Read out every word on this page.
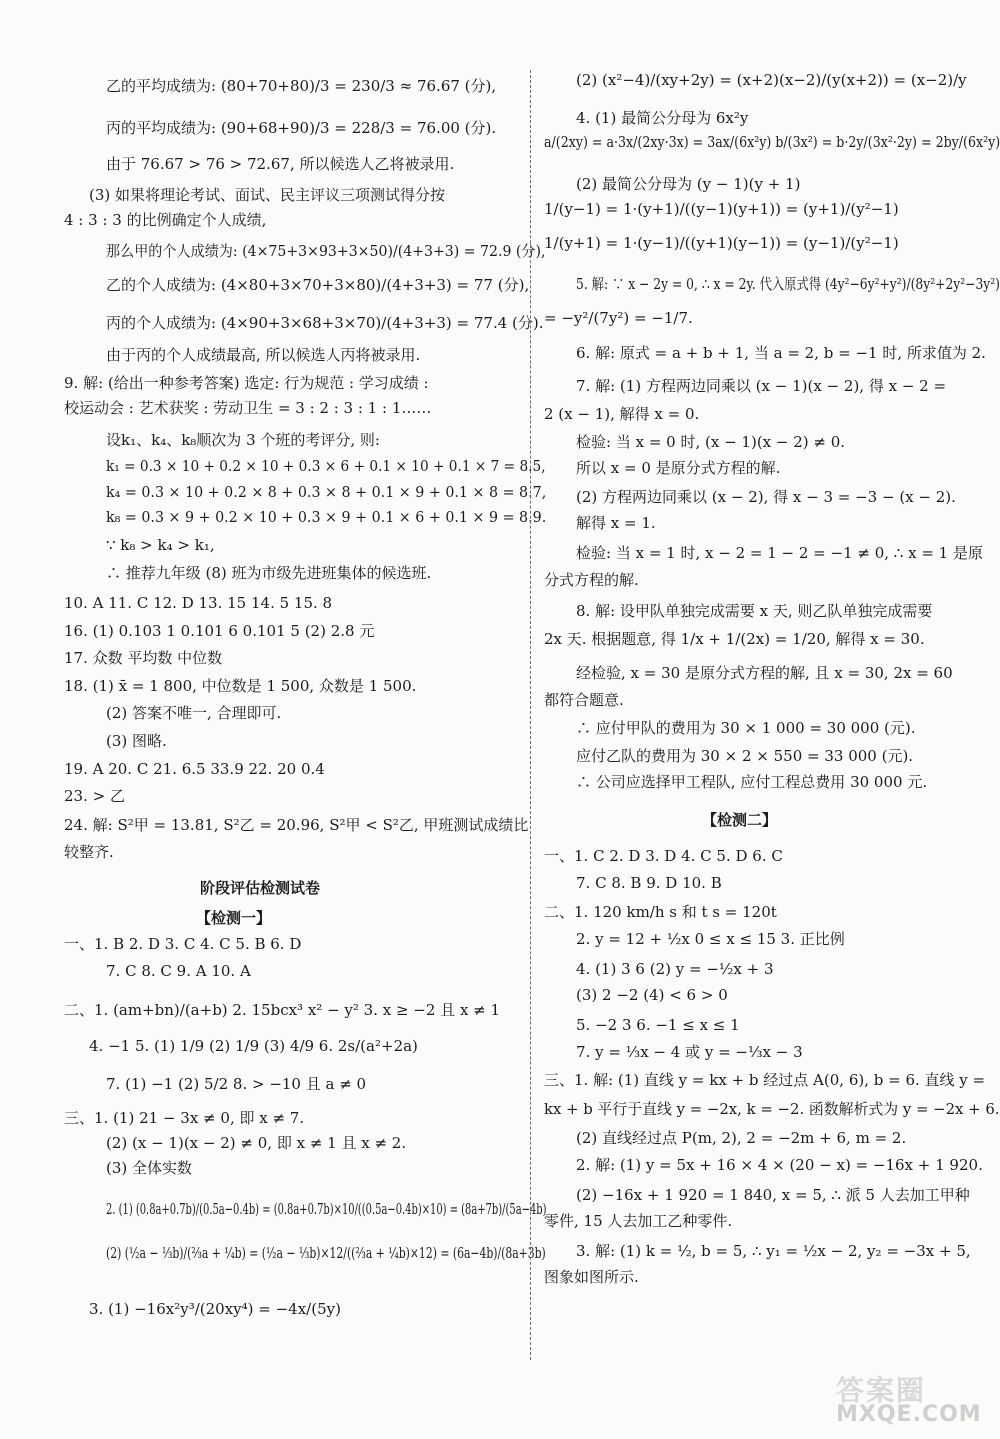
乙的平均成绩为: (80+70+80)/3 = 230/3 ≈ 76.67 (分),
丙的平均成绩为: (90+68+90)/3 = 228/3 = 76.00 (分).
由于 76.67 > 76 > 72.67, 所以候选人乙将被录用.
(3) 如果将理论考试、面试、民主评议三项测试得分按
4 : 3 : 3 的比例确定个人成绩,
那么甲的个人成绩为: (4×75+3×93+3×50)/(4+3+3) = 72.9 (分),
乙的个人成绩为: (4×80+3×70+3×80)/(4+3+3) = 77 (分),
丙的个人成绩为: (4×90+3×68+3×70)/(4+3+3) = 77.4 (分).
由于丙的个人成绩最高, 所以候选人丙将被录用.
9. 解: (给出一种参考答案) 选定: 行为规范 : 学习成绩 :
校运动会 : 艺术获奖 : 劳动卫生 = 3 : 2 : 3 : 1 : 1……
设k₁、k₄、k₈顺次为 3 个班的考评分, 则:
k₁ = 0.3 × 10 + 0.2 × 10 + 0.3 × 6 + 0.1 × 10 + 0.1 × 7 = 8.5,
k₄ = 0.3 × 10 + 0.2 × 8 + 0.3 × 8 + 0.1 × 9 + 0.1 × 8 = 8.7,
k₈ = 0.3 × 9 + 0.2 × 10 + 0.3 × 9 + 0.1 × 6 + 0.1 × 9 = 8.9.
∵ k₈ > k₄ > k₁,
∴ 推荐九年级 (8) 班为市级先进班集体的候选班.
10. A 11. C 12. D 13. 15 14. 5 15. 8
16. (1) 0.103 1 0.101 6 0.101 5 (2) 2.8 元
17. 众数 平均数 中位数
18. (1) x̄ = 1 800, 中位数是 1 500, 众数是 1 500.
(2) 答案不唯一, 合理即可.
(3) 图略.
19. A 20. C 21. 6.5 33.9 22. 20 0.4
23. > 乙
24. 解: S²甲 = 13.81, S²乙 = 20.96, S²甲 < S²乙, 甲班测试成绩比
较整齐.
阶段评估检测试卷
【检测一】
一、1. B 2. D 3. C 4. C 5. B 6. D
7. C 8. C 9. A 10. A
二、1. (am+bn)/(a+b) 2. 15bcx³ x² − y² 3. x ≥ −2 且 x ≠ 1
4. −1 5. (1) 1/9 (2) 1/9 (3) 4/9 6. 2s/(a²+2a)
7. (1) −1 (2) 5/2 8. > −10 且 a ≠ 0
三、1. (1) 21 − 3x ≠ 0, 即 x ≠ 7.
(2) (x − 1)(x − 2) ≠ 0, 即 x ≠ 1 且 x ≠ 2.
(3) 全体实数
2. (1) (0.8a+0.7b)/(0.5a−0.4b) = (0.8a+0.7b)×10/((0.5a−0.4b)×10) = (8a+7b)/(5a−4b)
(2) (½a − ⅓b)/(⅔a + ¼b) = (½a − ⅓b)×12/((⅔a + ¼b)×12) = (6a−4b)/(8a+3b)
3. (1) −16x²y³/(20xy⁴) = −4x/(5y)
(2) (x²−4)/(xy+2y) = (x+2)(x−2)/(y(x+2)) = (x−2)/y
4. (1) 最简公分母为 6x²y
a/(2xy) = a·3x/(2xy·3x) = 3ax/(6x²y) b/(3x²) = b·2y/(3x²·2y) = 2by/(6x²y)
(2) 最简公分母为 (y − 1)(y + 1)
1/(y−1) = 1·(y+1)/((y−1)(y+1)) = (y+1)/(y²−1)
1/(y+1) = 1·(y−1)/((y+1)(y−1)) = (y−1)/(y²−1)
5. 解: ∵ x − 2y = 0, ∴ x = 2y. 代入原式得 (4y²−6y²+y²)/(8y²+2y²−3y²)
= −y²/(7y²) = −1/7.
6. 解: 原式 = a + b + 1, 当 a = 2, b = −1 时, 所求值为 2.
7. 解: (1) 方程两边同乘以 (x − 1)(x − 2), 得 x − 2 =
2 (x − 1), 解得 x = 0.
检验: 当 x = 0 时, (x − 1)(x − 2) ≠ 0.
所以 x = 0 是原分式方程的解.
(2) 方程两边同乘以 (x − 2), 得 x − 3 = −3 − (x − 2).
解得 x = 1.
检验: 当 x = 1 时, x − 2 = 1 − 2 = −1 ≠ 0, ∴ x = 1 是原
分式方程的解.
8. 解: 设甲队单独完成需要 x 天, 则乙队单独完成需要
2x 天. 根据题意, 得 1/x + 1/(2x) = 1/20, 解得 x = 30.
经检验, x = 30 是原分式方程的解, 且 x = 30, 2x = 60
都符合题意.
∴ 应付甲队的费用为 30 × 1 000 = 30 000 (元).
应付乙队的费用为 30 × 2 × 550 = 33 000 (元).
∴ 公司应选择甲工程队, 应付工程总费用 30 000 元.
【检测二】
一、1. C 2. D 3. D 4. C 5. D 6. C
7. C 8. B 9. D 10. B
二、1. 120 km/h s 和 t s = 120t
2. y = 12 + ½x 0 ≤ x ≤ 15 3. 正比例
4. (1) 3 6 (2) y = −½x + 3
(3) 2 −2 (4) < 6 > 0
5. −2 3 6. −1 ≤ x ≤ 1
7. y = ⅓x − 4 或 y = −⅓x − 3
三、1. 解: (1) 直线 y = kx + b 经过点 A(0, 6), b = 6. 直线 y =
kx + b 平行于直线 y = −2x, k = −2. 函数解析式为 y = −2x + 6.
(2) 直线经过点 P(m, 2), 2 = −2m + 6, m = 2.
2. 解: (1) y = 5x + 16 × 4 × (20 − x) = −16x + 1 920.
(2) −16x + 1 920 = 1 840, x = 5, ∴ 派 5 人去加工甲种
零件, 15 人去加工乙种零件.
3. 解: (1) k = ½, b = 5, ∴ y₁ = ½x − 2, y₂ = −3x + 5,
图象如图所示.
答案圈
MXQE.COM
